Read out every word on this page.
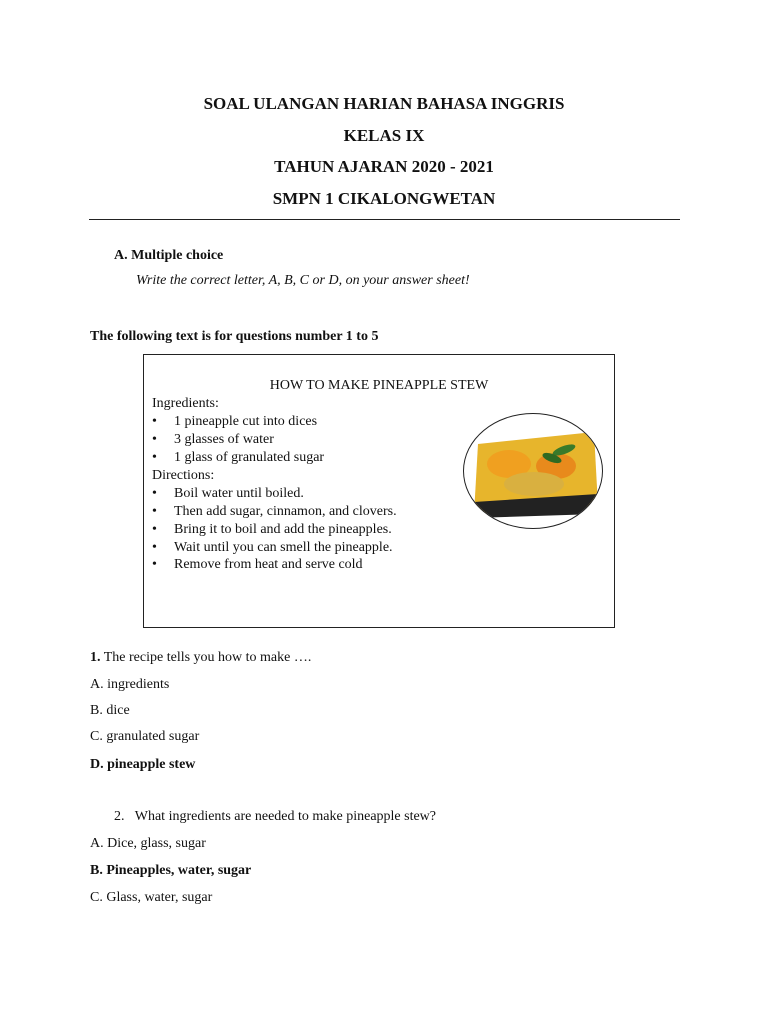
SOAL ULANGAN HARIAN BAHASA INGGRIS
KELAS IX
TAHUN AJARAN 2020 - 2021
SMPN 1 CIKALONGWETAN
A. Multiple choice
Write the correct letter, A, B, C or D, on your answer sheet!
The following text is for questions number 1 to 5
HOW TO MAKE PINEAPPLE STEW
Ingredients:
• 1 pineapple cut into dices
• 3 glasses of water
• 1 glass of granulated sugar
Directions:
• Boil water until boiled.
• Then add sugar, cinnamon, and clovers.
• Bring it to boil and add the pineapples.
• Wait until you can smell the pineapple.
• Remove from heat and serve cold
1. The recipe tells you how to make ….
A. ingredients
B. dice
C. granulated sugar
D. pineapple stew
2. What ingredients are needed to make pineapple stew?
A. Dice, glass, sugar
B. Pineapples, water, sugar
C. Glass, water, sugar
